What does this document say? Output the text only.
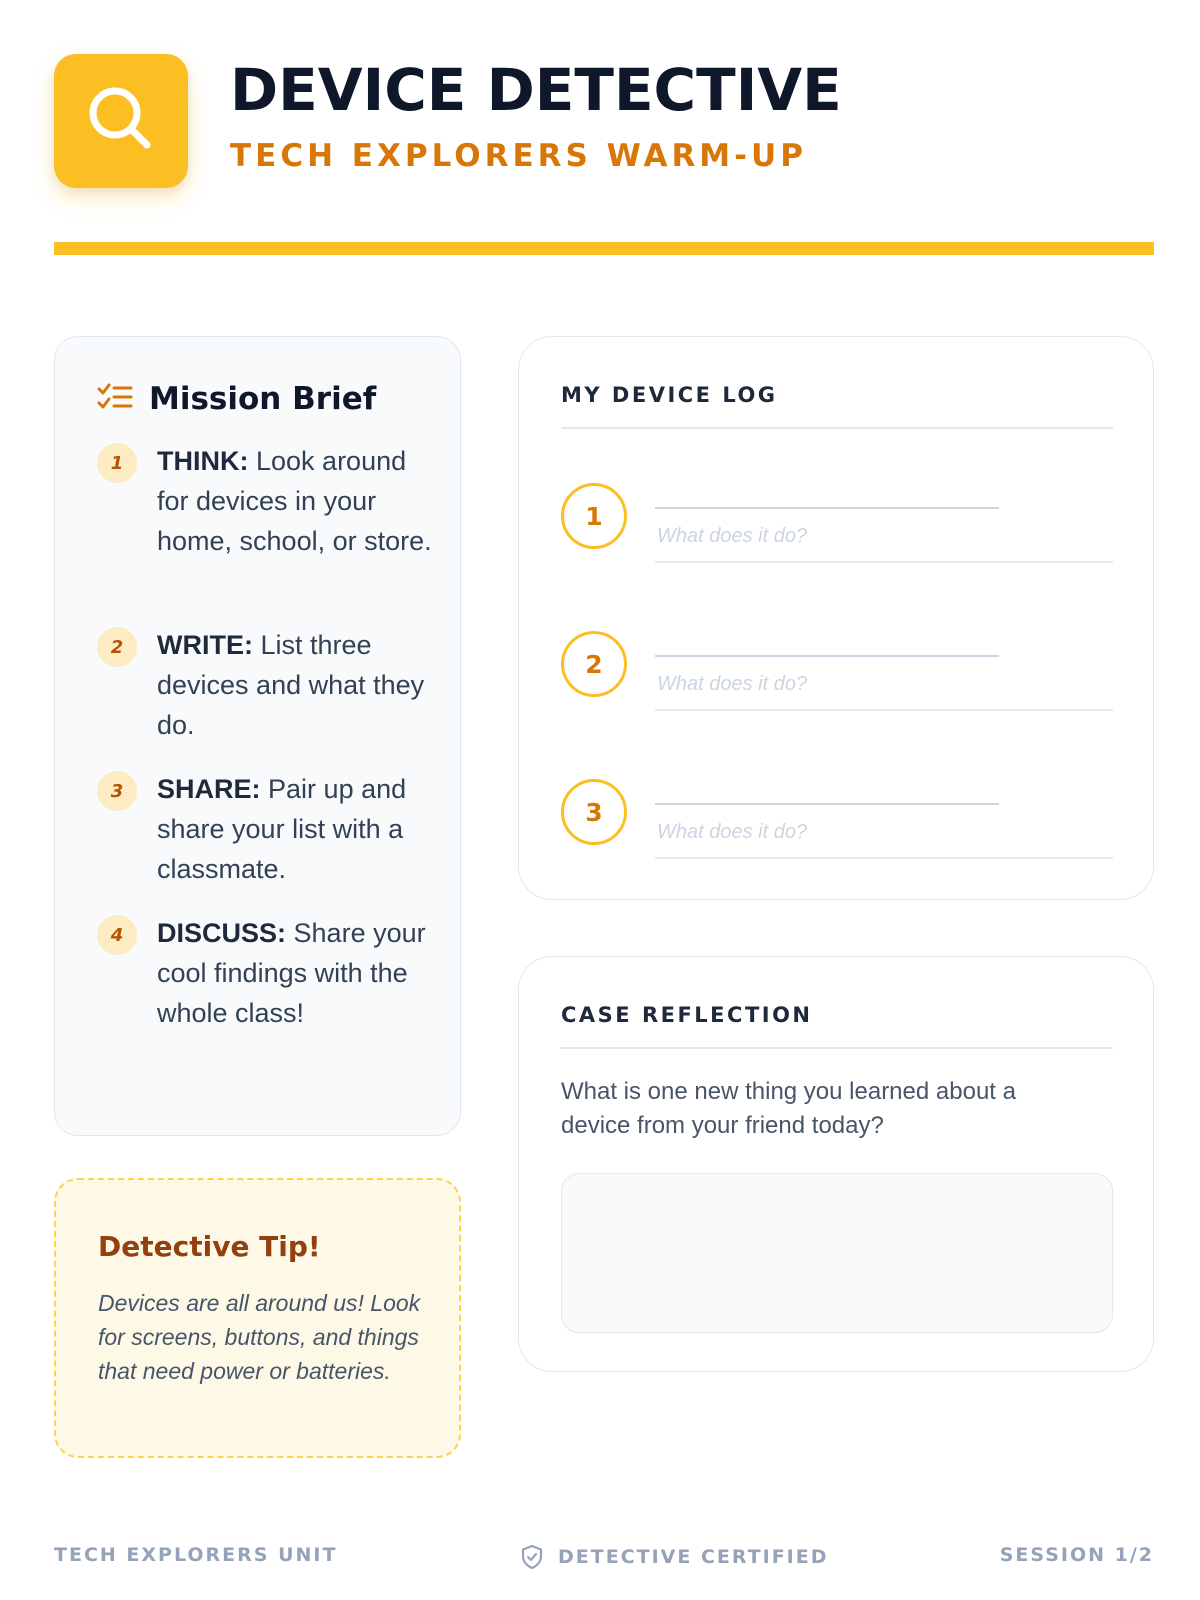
DEVICE DETECTIVE
TECH EXPLORERS WARM-UP
Mission Brief
1	THINK: Look around for devices in your home, school, or store.
2	WRITE: List three devices and what they do.
3	SHARE: Pair up and share your list with a classmate.
4	DISCUSS: Share your cool findings with the whole class!
Detective Tip!
Devices are all around us! Look for screens, buttons, and things that need power or batteries.
MY DEVICE LOG
1
What does it do?
2
What does it do?
3
What does it do?
CASE REFLECTION
What is one new thing you learned about a device from your friend today?
TECH EXPLORERS UNIT	DETECTIVE CERTIFIED	SESSION 1/2
